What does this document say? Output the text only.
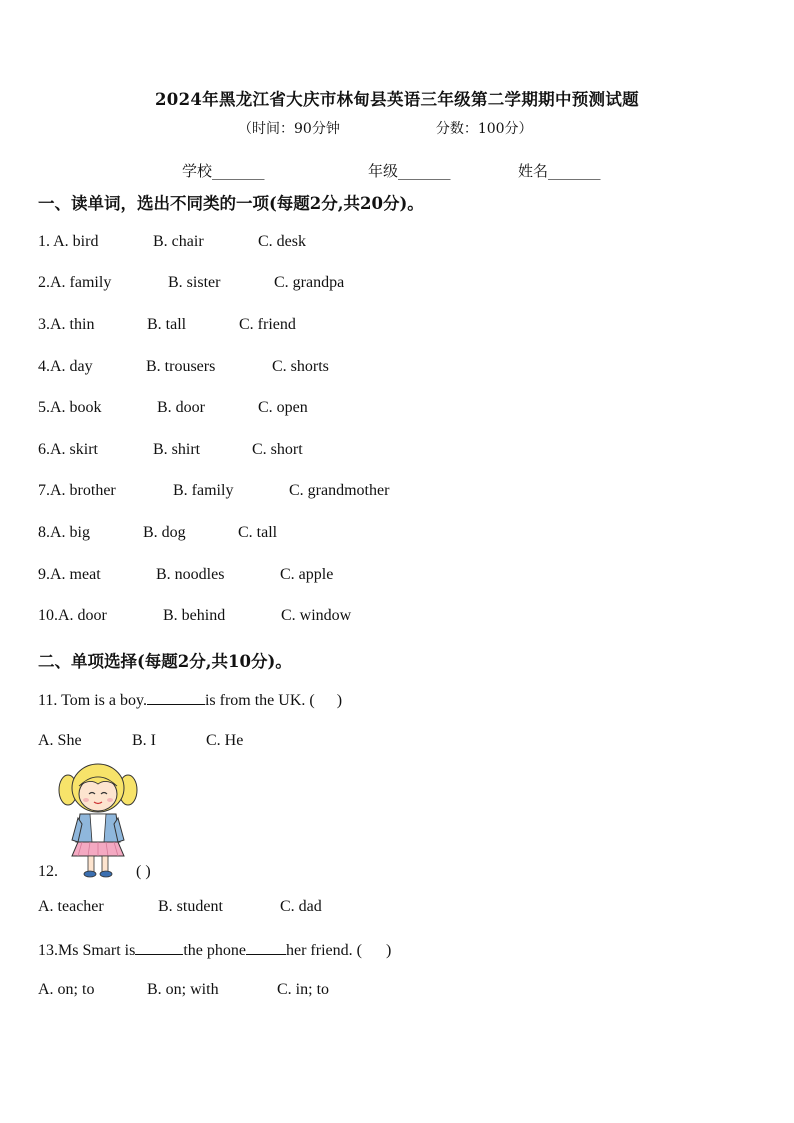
2024年黑龙江省大庆市林甸县英语三年级第二学期期中预测试题
（时间：90分钟	分数：100分）
学校_______	年级_______	姓名_______
一、读单词，选出不同类的一项(每题2分,共20分)。
1. A. bird	B. chair	C. desk
2.A. family	B. sister	C. grandpa
3.A. thin	B. tall	C. friend
4.A. day	B. trousers	C. shorts
5.A. book	B. door	C. open
6.A. skirt	B. shirt	C. short
7.A. brother	B. family	C. grandmother
8.A. big	B. dog	C. tall
9.A. meat	B. noodles	C. apple
10.A. door	B. behind	C. window
二、单项选择(每题2分,共10分)。
11. Tom is a boy.	is from the UK. ( )
A. She	B. I	C. He
12.	( )
A. teacher	B. student	C. dad
13.Ms Smart is	the phone	her friend. ( )
A. on; to	B. on; with	C. in; to
